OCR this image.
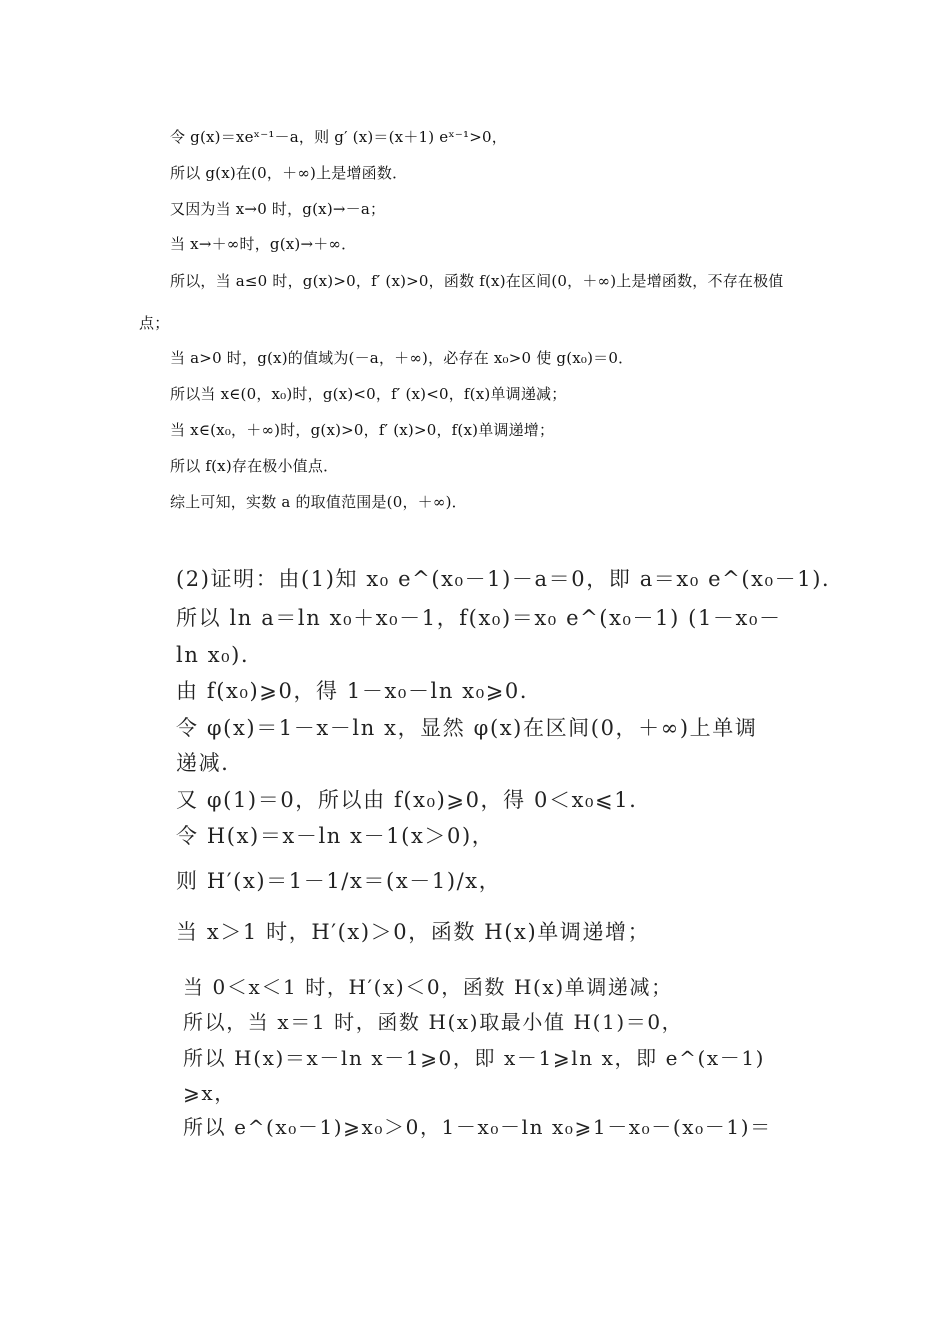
令 g(x)＝xeˣ⁻¹－a，则 g′ (x)＝(x＋1) eˣ⁻¹>0，

所以 g(x)在(0，＋∞)上是增函数．

又因为当 x→0 时，g(x)→－a；

当 x→＋∞时，g(x)→＋∞．

所以，当 a≤0 时，g(x)>0，f′ (x)>0，函数 f(x)在区间(0，＋∞)上是增函数，不存在极值

点；

当 a>0 时，g(x)的值域为(－a，＋∞)，必存在 x₀>0 使 g(x₀)＝0．

所以当 x∈(0，x₀)时，g(x)<0，f′ (x)<0，f(x)单调递减；

当 x∈(x₀，＋∞)时，g(x)>0，f′ (x)>0，f(x)单调递增；

所以 f(x)存在极小值点．

综上可知，实数 a 的取值范围是(0，＋∞)．

(2)证明：由(1)知 x₀ e^(x₀－1)－a＝0，即 a＝x₀ e^(x₀－1)．

所以 ln a＝ln x₀＋x₀－1，f(x₀)＝x₀ e^(x₀－1) (1－x₀－

ln x₀)．

由 f(x₀)⩾0，得 1－x₀－ln x₀⩾0．

令 φ(x)＝1－x－ln x，显然 φ(x)在区间(0，＋∞)上单调

递减．

又 φ(1)＝0，所以由 f(x₀)⩾0，得 0＜x₀⩽1．

令 H(x)＝x－ln x－1(x＞0)，

则 H′(x)＝1－1/x＝(x－1)/x，

当 x＞1 时，H′(x)＞0，函数 H(x)单调递增；

当 0＜x＜1 时，H′(x)＜0，函数 H(x)单调递减；

所以，当 x＝1 时，函数 H(x)取最小值 H(1)＝0，

所以 H(x)＝x－ln x－1⩾0，即 x－1⩾ln x，即 e^(x－1)

⩾x，

所以 e^(x₀－1)⩾x₀＞0，1－x₀－ln x₀⩾1－x₀－(x₀－1)＝
